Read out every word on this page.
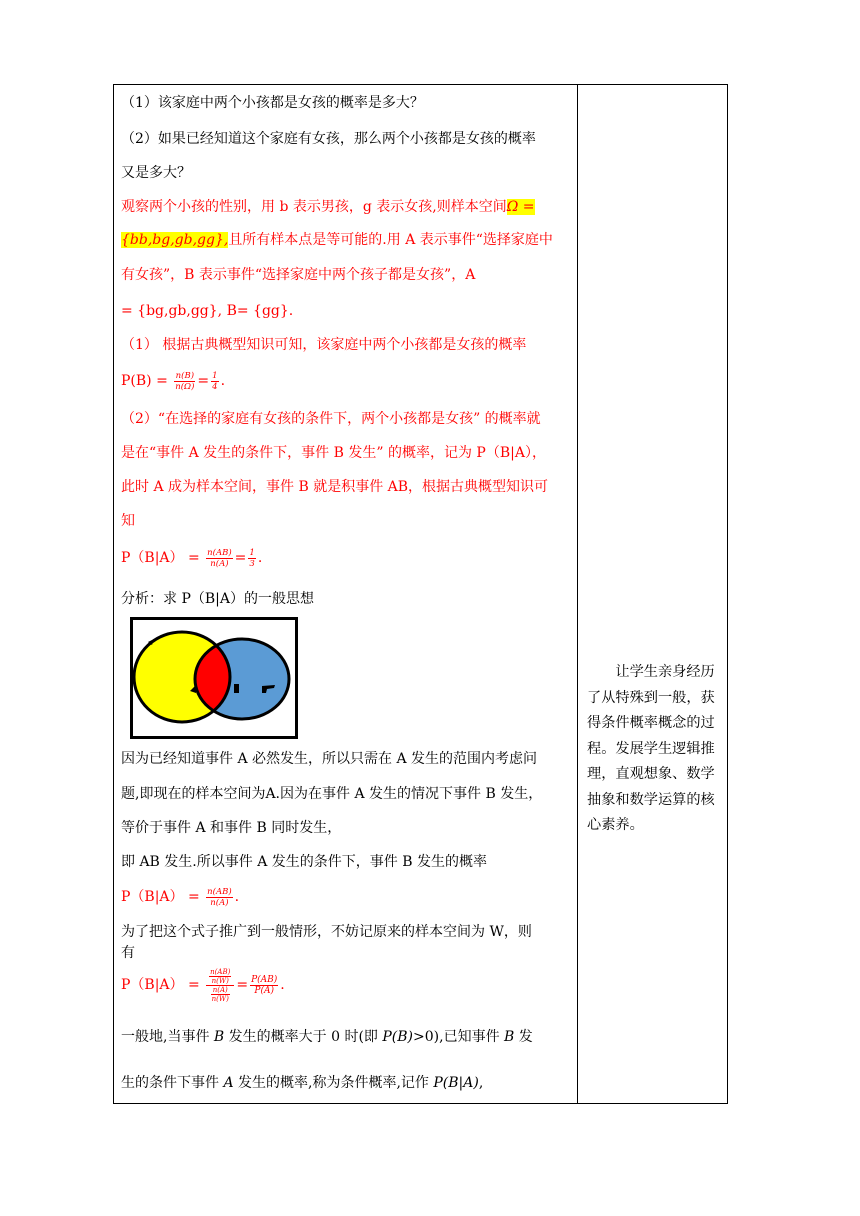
（1）该家庭中两个小孩都是女孩的概率是多大？
（2）如果已经知道这个家庭有女孩，那么两个小孩都是女孩的概率
又是多大？
观察两个小孩的性别，用 b 表示男孩，g 表示女孩,则样本空间Ω =
{bb,bg,gb,gg},且所有样本点是等可能的.用 A 表示事件“选择家庭中
有女孩”，B 表示事件“选择家庭中两个孩子都是女孩”，A
= {bg,gb,gg}, B= {gg}.
（1） 根据古典概型知识可知，该家庭中两个小孩都是女孩的概率
$P(B) = \frac{n(B)}{n(\Omega)} = \frac{1}{4}$ .
（2）“在选择的家庭有女孩的条件下，两个小孩都是女孩” 的概率就
是在“事件 A 发生的条件下，事件 B 发生” 的概率，记为 P（B|A），
此时 A 成为样本空间，事件 B 就是积事件 AB，根据古典概型知识可
知
$P(B|A) = \frac{n(AB)}{n(A)} = \frac{1}{3}$ .
分析：求 P（B|A）的一般思想
因为已经知道事件 A 必然发生，所以只需在 A 发生的范围内考虑问
题,即现在的样本空间为A.因为在事件 A 发生的情况下事件 B 发生，
等价于事件 A 和事件 B 同时发生，
即 AB 发生.所以事件 A 发生的条件下，事件 B 发生的概率
$P(B|A) = \frac{n(AB)}{n(A)}$ .
为了把这个式子推广到一般情形，不妨记原来的样本空间为 W，则
有
$P(B|A) = \frac{\frac{n(AB)}{n(W)}}{\frac{n(A)}{n(W)}} = \frac{P(AB)}{P(A)}$ .
一般地,当事件 B 发生的概率大于 0 时(即 P(B)>0),已知事件 B 发
生的条件下事件 A 发生的概率,称为条件概率,记作 P(B|A),
　　让学生亲身经历了从特殊到一般，获得条件概率概念的过程。发展学生逻辑推理，直观想象、数学抽象和数学运算的核心素养。
